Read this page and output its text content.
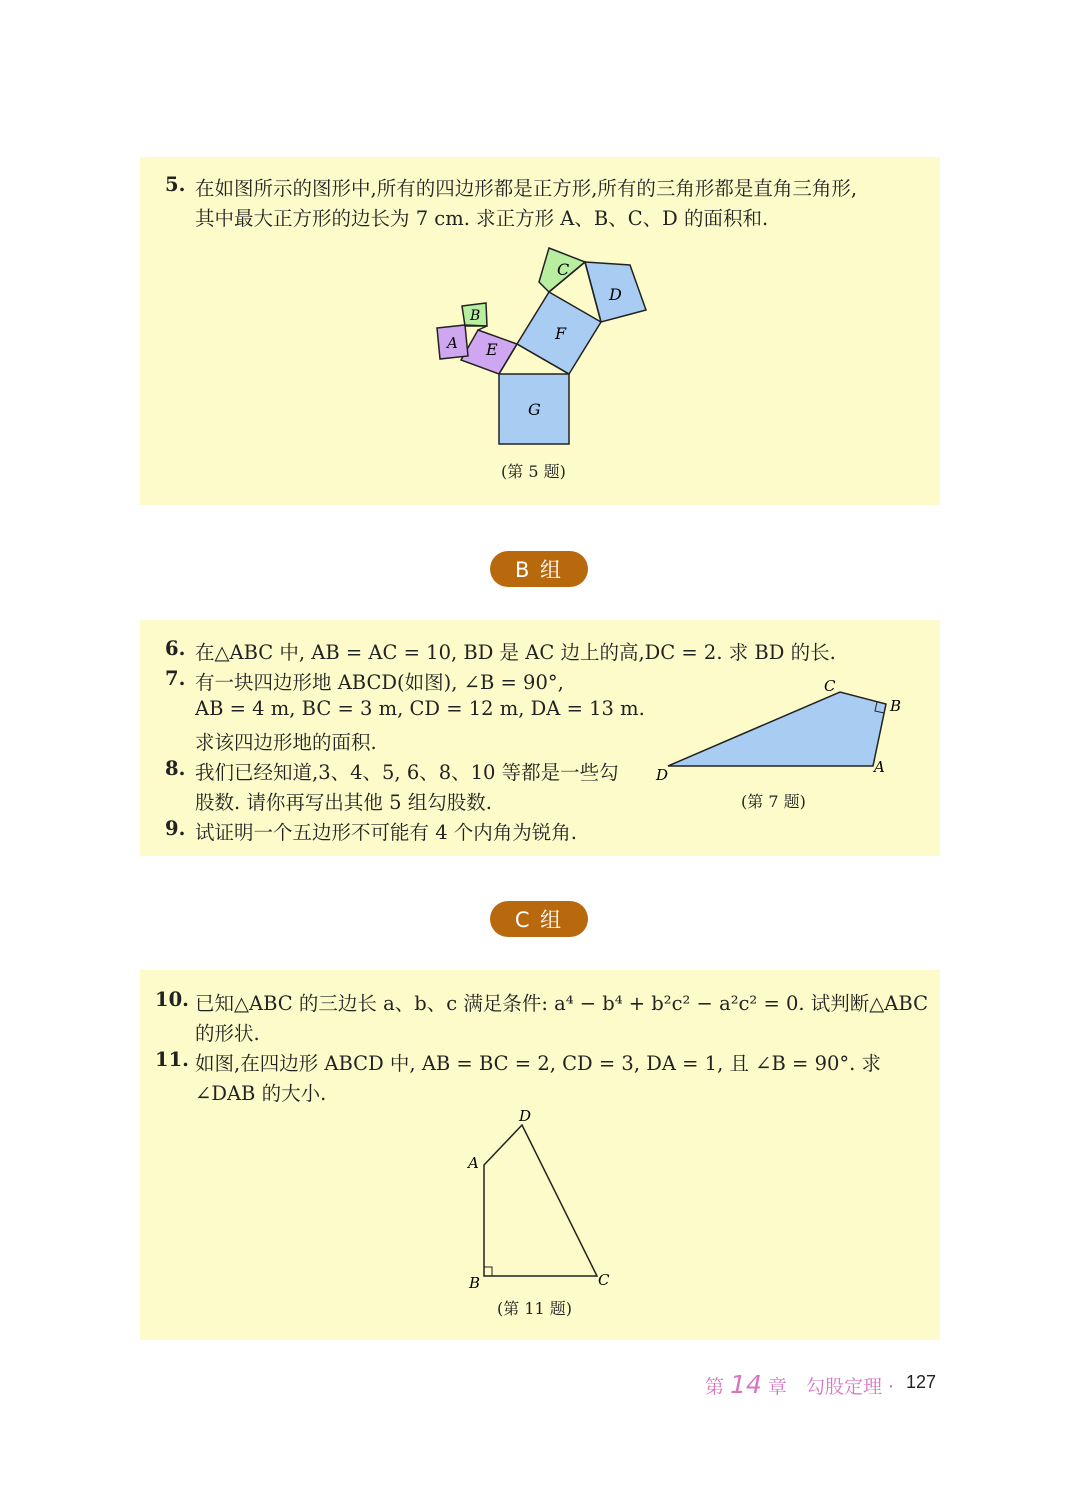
5. 在如图所示的图形中,所有的四边形都是正方形,所有的三角形都是直角三角形,
其中最大正方形的边长为 7 cm. 求正方形 A、B、C、D 的面积和.
G
F
E
C
D
A
B
(第 5 题)
B 组
6. 在△ABC 中, AB = AC = 10, BD 是 AC 边上的高,DC = 2. 求 BD 的长.
7. 有一块四边形地 ABCD(如图), ∠B = 90°,
AB = 4 m, BC = 3 m, CD = 12 m, DA = 13 m.
求该四边形地的面积.
8. 我们已经知道,3、4、5, 6、8、10 等都是一些勾
股数. 请你再写出其他 5 组勾股数.
9. 试证明一个五边形不可能有 4 个内角为锐角.
D
C
B
A
(第 7 题)
C 组
10. 已知△ABC 的三边长 a、b、c 满足条件: a⁴ − b⁴ + b²c² − a²c² = 0. 试判断△ABC
的形状.
11. 如图,在四边形 ABCD 中, AB = BC = 2, CD = 3, DA = 1, 且 ∠B = 90°. 求
∠DAB 的大小.
D
A
B	C
(第 11 题)
第 14 章 勾股定理 · 127
